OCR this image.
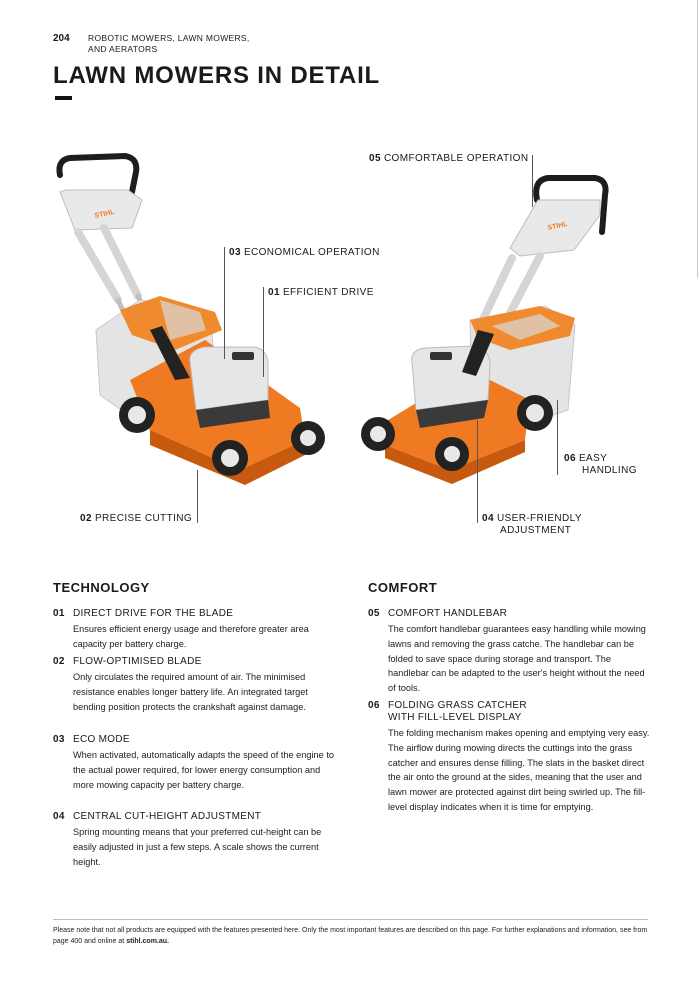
204 ROBOTIC MOWERS, LAWN MOWERS,
AND AERATORS
LAWN MOWERS IN DETAIL
STIHL
STIHL
05 COMFORTABLE OPERATION
03 ECONOMICAL OPERATION
01 EFFICIENT DRIVE
06 EASY
HANDLING
02 PRECISE CUTTING	04 USER-FRIENDLY
ADJUSTMENT
TECHNOLOGY
01 DIRECT DRIVE FOR THE BLADE
Ensures efficient energy usage and therefore greater area capacity per battery charge.
02 FLOW-OPTIMISED BLADE
Only circulates the required amount of air. The minimised resistance enables longer battery life. An integrated target bending position protects the crankshaft against damage.
03 ECO MODE
When activated, automatically adapts the speed of the engine to the actual power required, for lower energy consumption and more mowing capacity per battery charge.
04 CENTRAL CUT-HEIGHT ADJUSTMENT
Spring mounting means that your preferred cut-height can be easily adjusted in just a few steps. A scale shows the current height.
COMFORT
05 COMFORT HANDLEBAR
The comfort handlebar guarantees easy handling while mowing lawns and removing the grass catche. The handlebar can be folded to save space during storage and transport. The handlebar can be adapted to the user's height without the need of tools.
06 FOLDING GRASS CATCHER
WITH FILL-LEVEL DISPLAY
The folding mechanism makes opening and emptying very easy. The airflow during mowing directs the cuttings into the grass catcher and ensures dense filling. The slats in the basket direct the air onto the ground at the sides, meaning that the user and lawn mower are protected against dirt being swirled up. The fill-level display indicates when it is time for emptying.
Please note that not all products are equipped with the features presented here. Only the most important features are described on this page. For further explanations and information, see from page 400 and online at stihl.com.au.
